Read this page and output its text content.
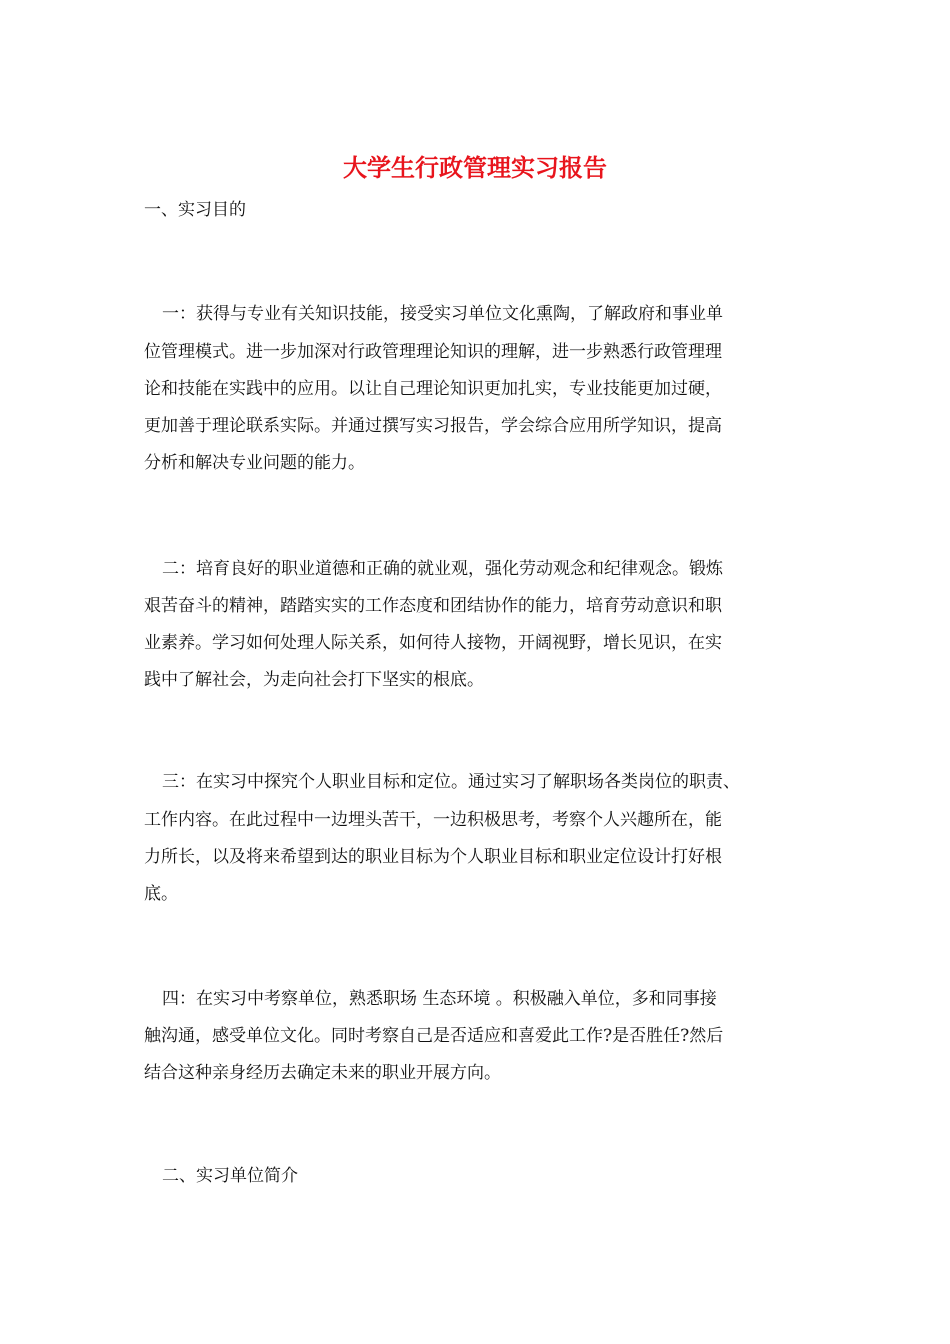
大学生行政管理实习报告
一、实习目的
一：获得与专业有关知识技能，接受实习单位文化熏陶，了解政府和事业单
位管理模式。进一步加深对行政管理理论知识的理解，进一步熟悉行政管理理
论和技能在实践中的应用。以让自己理论知识更加扎实，专业技能更加过硬，
更加善于理论联系实际。并通过撰写实习报告，学会综合应用所学知识，提高
分析和解决专业问题的能力。
二：培育良好的职业道德和正确的就业观，强化劳动观念和纪律观念。锻炼
艰苦奋斗的精神，踏踏实实的工作态度和团结协作的能力，培育劳动意识和职
业素养。学习如何处理人际关系，如何待人接物，开阔视野，增长见识，在实
践中了解社会，为走向社会打下坚实的根底。
三：在实习中探究个人职业目标和定位。通过实习了解职场各类岗位的职责、
工作内容。在此过程中一边埋头苦干，一边积极思考，考察个人兴趣所在，能
力所长，以及将来希望到达的职业目标为个人职业目标和职业定位设计打好根
底。
四：在实习中考察单位，熟悉职场 生态环境 。积极融入单位，多和同事接
触沟通，感受单位文化。同时考察自己是否适应和喜爱此工作?是否胜任?然后
结合这种亲身经历去确定未来的职业开展方向。
二、实习单位简介
